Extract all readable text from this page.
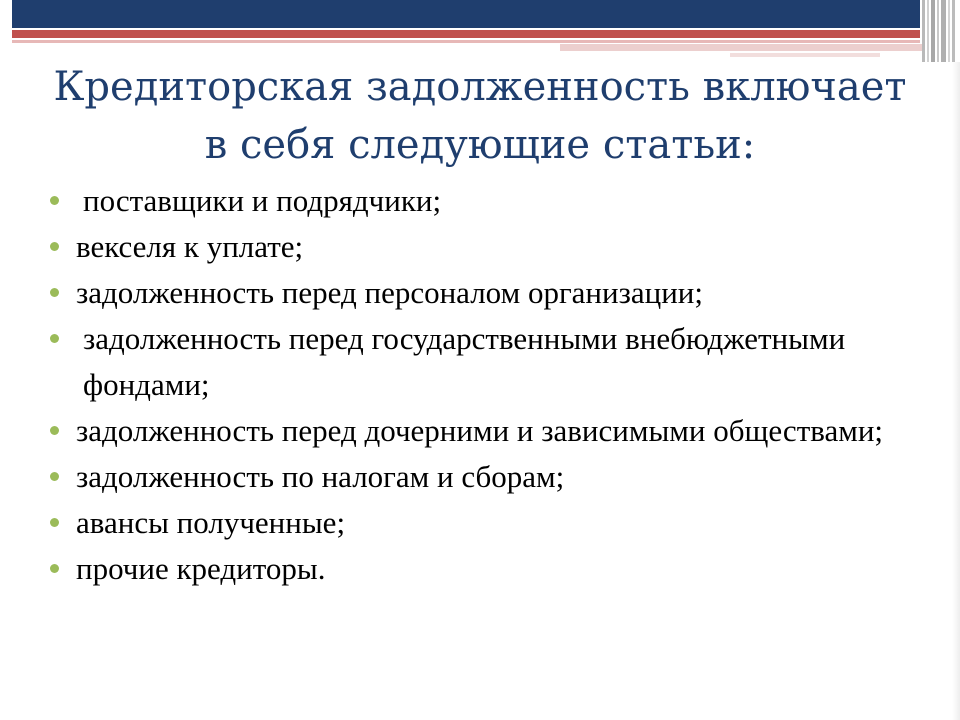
Кредиторская задолженность включает в себя следующие статьи:
поставщики и подрядчики;
векселя к уплате;
задолженность перед персоналом организации;
задолженность перед государственными внебюджетными фондами;
задолженность перед дочерними и зависимыми обществами;
задолженность по налогам и сборам;
авансы полученные;
прочие кредиторы.
